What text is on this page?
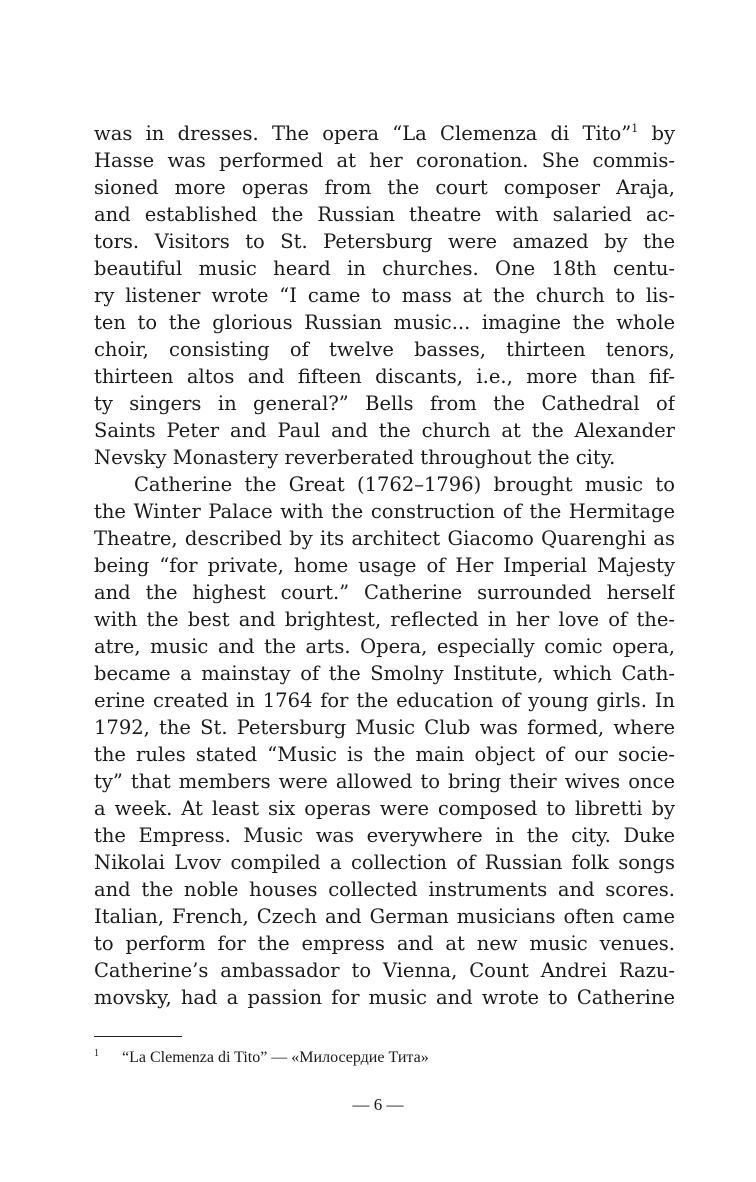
was in dresses. The opera “La Clemenza di Tito”$^1$ by
Hasse was performed at her coronation. She commis-
sioned more operas from the court composer Araja,
and established the Russian theatre with salaried ac-
tors. Visitors to St. Petersburg were amazed by the
beautiful music heard in churches. One 18th centu-
ry listener wrote “I came to mass at the church to lis-
ten to the glorious Russian music... imagine the whole
choir, consisting of twelve basses, thirteen tenors,
thirteen altos and fifteen discants, i.e., more than fif-
ty singers in general?” Bells from the Cathedral of
Saints Peter and Paul and the church at the Alexander
Nevsky Monastery reverberated throughout the city.
Catherine the Great (1762–1796) brought music to
the Winter Palace with the construction of the Hermitage
Theatre, described by its architect Giacomo Quarenghi as
being “for private, home usage of Her Imperial Majesty
and the highest court.” Catherine surrounded herself
with the best and brightest, reflected in her love of the-
atre, music and the arts. Opera, especially comic opera,
became a mainstay of the Smolny Institute, which Cath-
erine created in 1764 for the education of young girls. In
1792, the St. Petersburg Music Club was formed, where
the rules stated “Music is the main object of our socie-
ty” that members were allowed to bring their wives once
a week. At least six operas were composed to libretti by
the Empress. Music was everywhere in the city. Duke
Nikolai Lvov compiled a collection of Russian folk songs
and the noble houses collected instruments and scores.
Italian, French, Czech and German musicians often came
to perform for the empress and at new music venues.
Catherine’s ambassador to Vienna, Count Andrei Razu-
movsky, had a passion for music and wrote to Catherine
1 “La Clemenza di Tito” — «Милосердие Тита»
— 6 —
